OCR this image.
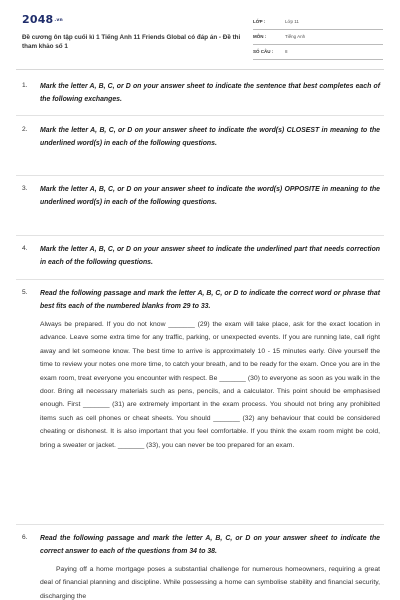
$2048^{.vn}$
Đề cương ôn tập cuối kì 1 Tiếng Anh 11 Friends Global có đáp án - Đề thi tham khảo số 1
LỚP :	Lớp 11
MÔN :	Tiếng Anh
SỐ CÂU :	8
1. Mark the letter A, B, C, or D on your answer sheet to indicate the sentence that best completes each of the following exchanges.
2. Mark the letter A, B, C, or D on your answer sheet to indicate the word(s) CLOSEST in meaning to the underlined word(s) in each of the following questions.
3. Mark the letter A, B, C, or D on your answer sheet to indicate the word(s) OPPOSITE in meaning to the underlined word(s) in each of the following questions.
4. Mark the letter A, B, C, or D on your answer sheet to indicate the underlined part that needs correction in each of the following questions.
5. Read the following passage and mark the letter A, B, C, or D to indicate the correct word or phrase that best fits each of the numbered blanks from 29 to 33.

Always be prepared. If you do not know _______ (29) the exam will take place, ask for the exact location in advance. Leave some extra time for any traffic, parking, or unexpected events. If you are running late, call right away and let someone know. The best time to arrive is approximately 10 - 15 minutes early. Give yourself the time to review your notes one more time, to catch your breath, and to be ready for the exam. Once you are in the exam room, treat everyone you encounter with respect. Be _______ (30) to everyone as soon as you walk in the door. Bring all necessary materials such as pens, pencils, and a calculator. This point should be emphasised enough. First _______ (31) are extremely important in the exam process. You should not bring any prohibited items such as cell phones or cheat sheets. You should _______ (32) any behaviour that could be considered cheating or dishonest. It is also important that you feel comfortable. If you think the exam room might be cold, bring a sweater or jacket. _______ (33), you can never be too prepared for an exam.

6. Read the following passage and mark the letter A, B, C, or D on your answer sheet to indicate the correct answer to each of the questions from 34 to 38.

Paying off a home mortgage poses a substantial challenge for numerous homeowners, requiring a great deal of financial planning and discipline. While possessing a home can symbolise stability and financial security, discharging the
